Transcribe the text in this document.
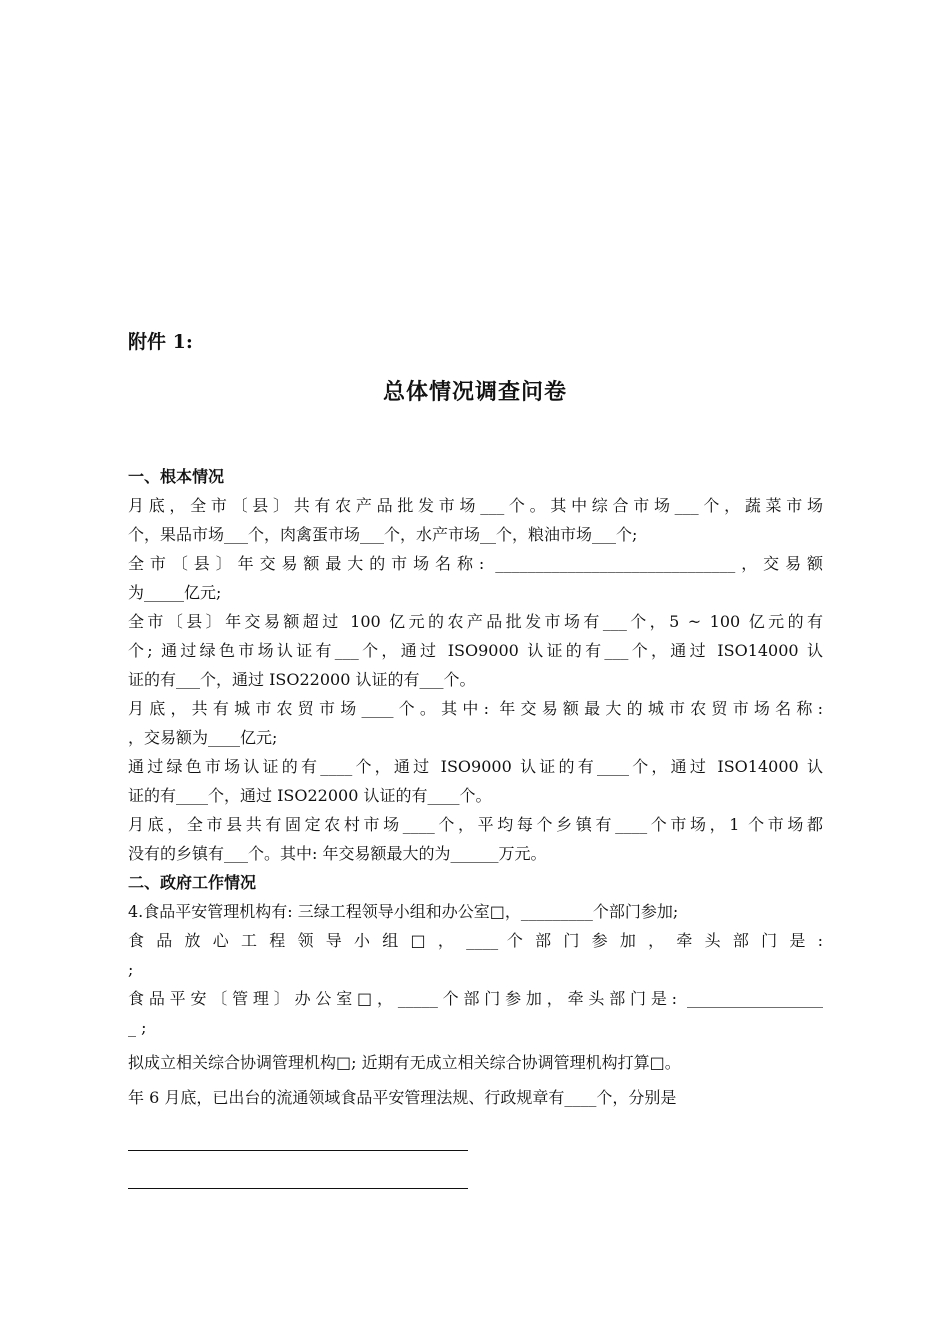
附件 1:
总体情况调查问卷
一、根本情况
月底，全市〔县〕共有农产品批发市场___个。其中综合市场___个，蔬菜市场
个，果品市场___个，肉禽蛋市场___个，水产市场__个，粮油市场___个;
全市〔县〕年交易额最大的市场名称: ______________________________，交易额
为_____亿元;
全市〔县〕年交易额超过 100 亿元的农产品批发市场有___个，5 ~ 100 亿元的有
个; 通过绿色市场认证有___个，通过 ISO9000 认证的有___个，通过 ISO14000 认
证的有___个，通过 ISO22000 认证的有___个。
月底，共有城市农贸市场____个。其中: 年交易额最大的城市农贸市场名称:
，交易额为____亿元;
通过绿色市场认证的有____个，通过 ISO9000 认证的有____个，通过 ISO14000 认
证的有____个，通过 ISO22000 认证的有____个。
月底，全市县共有固定农村市场____个，平均每个乡镇有____个市场，1 个市场都
没有的乡镇有___个。其中: 年交易额最大的为______万元。
二、政府工作情况
4.食品平安管理机构有: 三绿工程领导小组和办公室□，_________个部门参加;
食 品 放 心 工 程 领 导 小 组 □ ， ____ 个 部 门 参 加 ， 牵 头 部 门 是 :
;
食品平安〔管理〕办公室□，_____个部门参加，牵头部门是: _________________
_ ;
拟成立相关综合协调管理机构□; 近期有无成立相关综合协调管理机构打算□。
年 6 月底，已出台的流通领域食品平安管理法规、行政规章有____个，分别是
